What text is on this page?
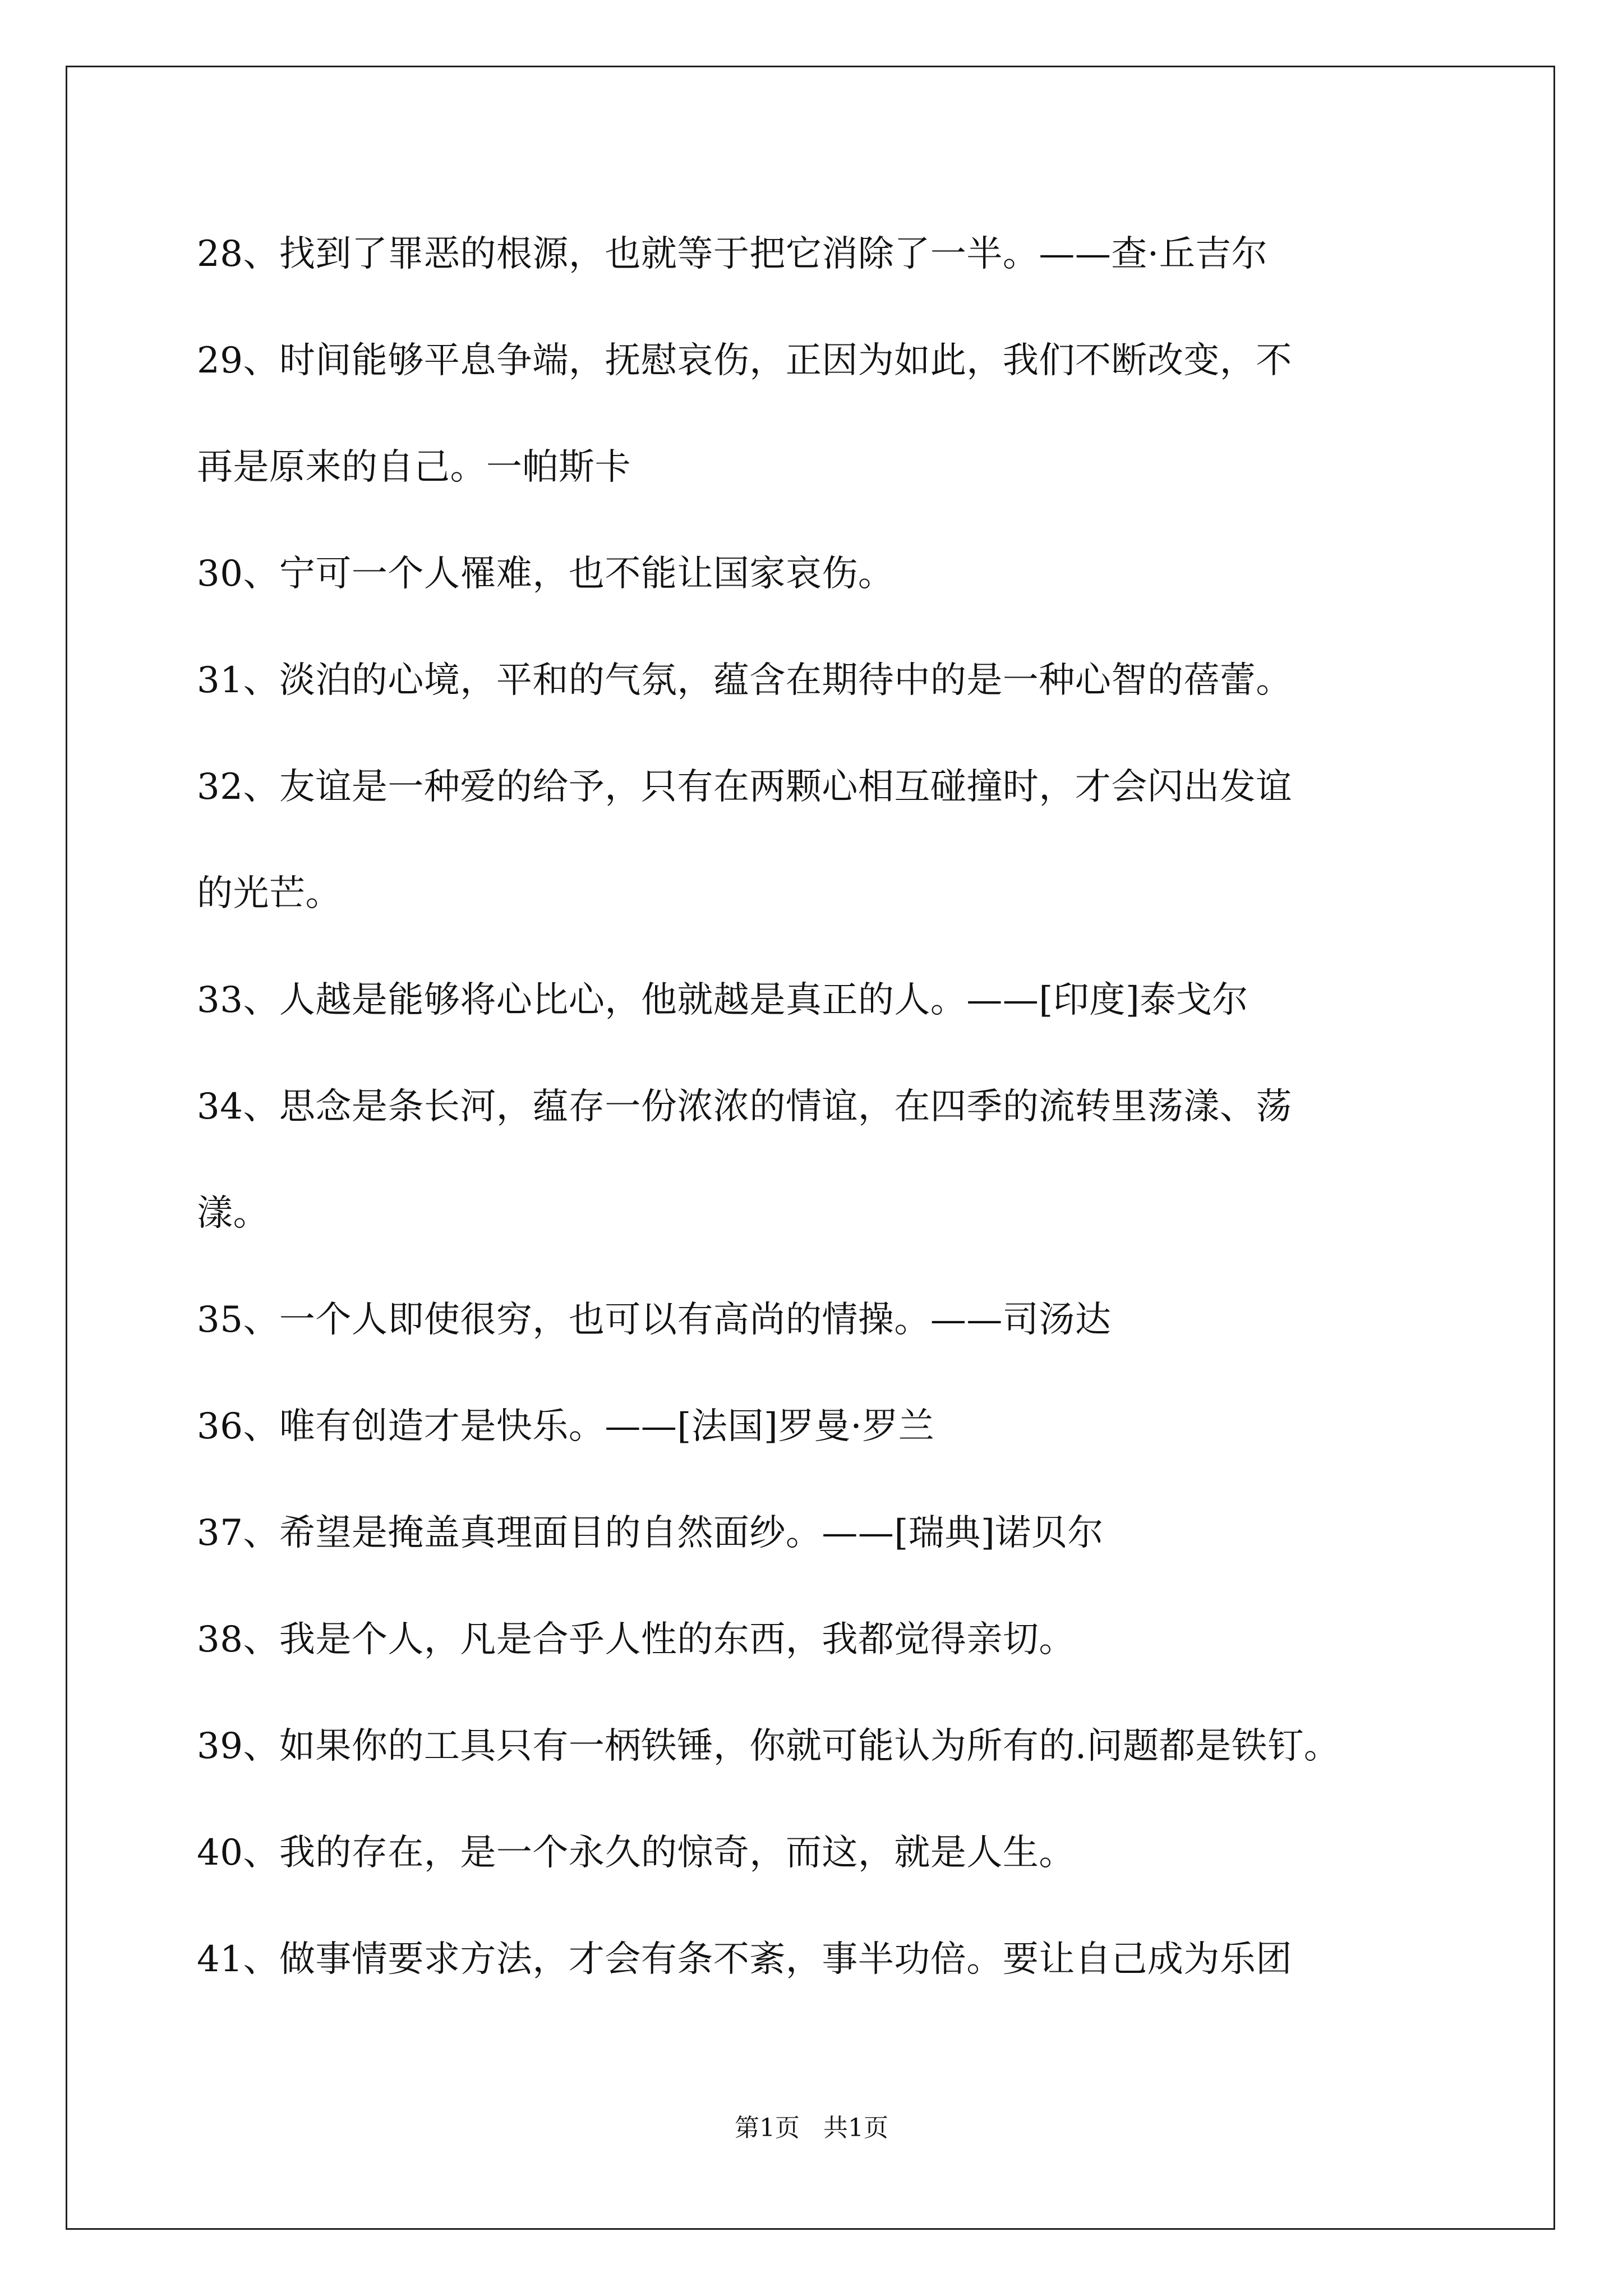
28、找到了罪恶的根源，也就等于把它消除了一半。——查·丘吉尔
29、时间能够平息争端，抚慰哀伤，正因为如此，我们不断改变，不
再是原来的自己。一帕斯卡
30、宁可一个人罹难，也不能让国家哀伤。
31、淡泊的心境，平和的气氛，蕴含在期待中的是一种心智的蓓蕾。
32、友谊是一种爱的给予，只有在两颗心相互碰撞时，才会闪出发谊
的光芒。
33、人越是能够将心比心，他就越是真正的人。——[印度]泰戈尔
34、思念是条长河，蕴存一份浓浓的情谊，在四季的流转里荡漾、荡
漾。
35、一个人即使很穷，也可以有高尚的情操。——司汤达
36、唯有创造才是快乐。——[法国]罗曼·罗兰
37、希望是掩盖真理面目的自然面纱。——[瑞典]诺贝尔
38、我是个人，凡是合乎人性的东西，我都觉得亲切。
39、如果你的工具只有一柄铁锤，你就可能认为所有的.问题都是铁钉。
40、我的存在，是一个永久的惊奇，而这，就是人生。
41、做事情要求方法，才会有条不紊，事半功倍。要让自己成为乐团
第1页   共1页
